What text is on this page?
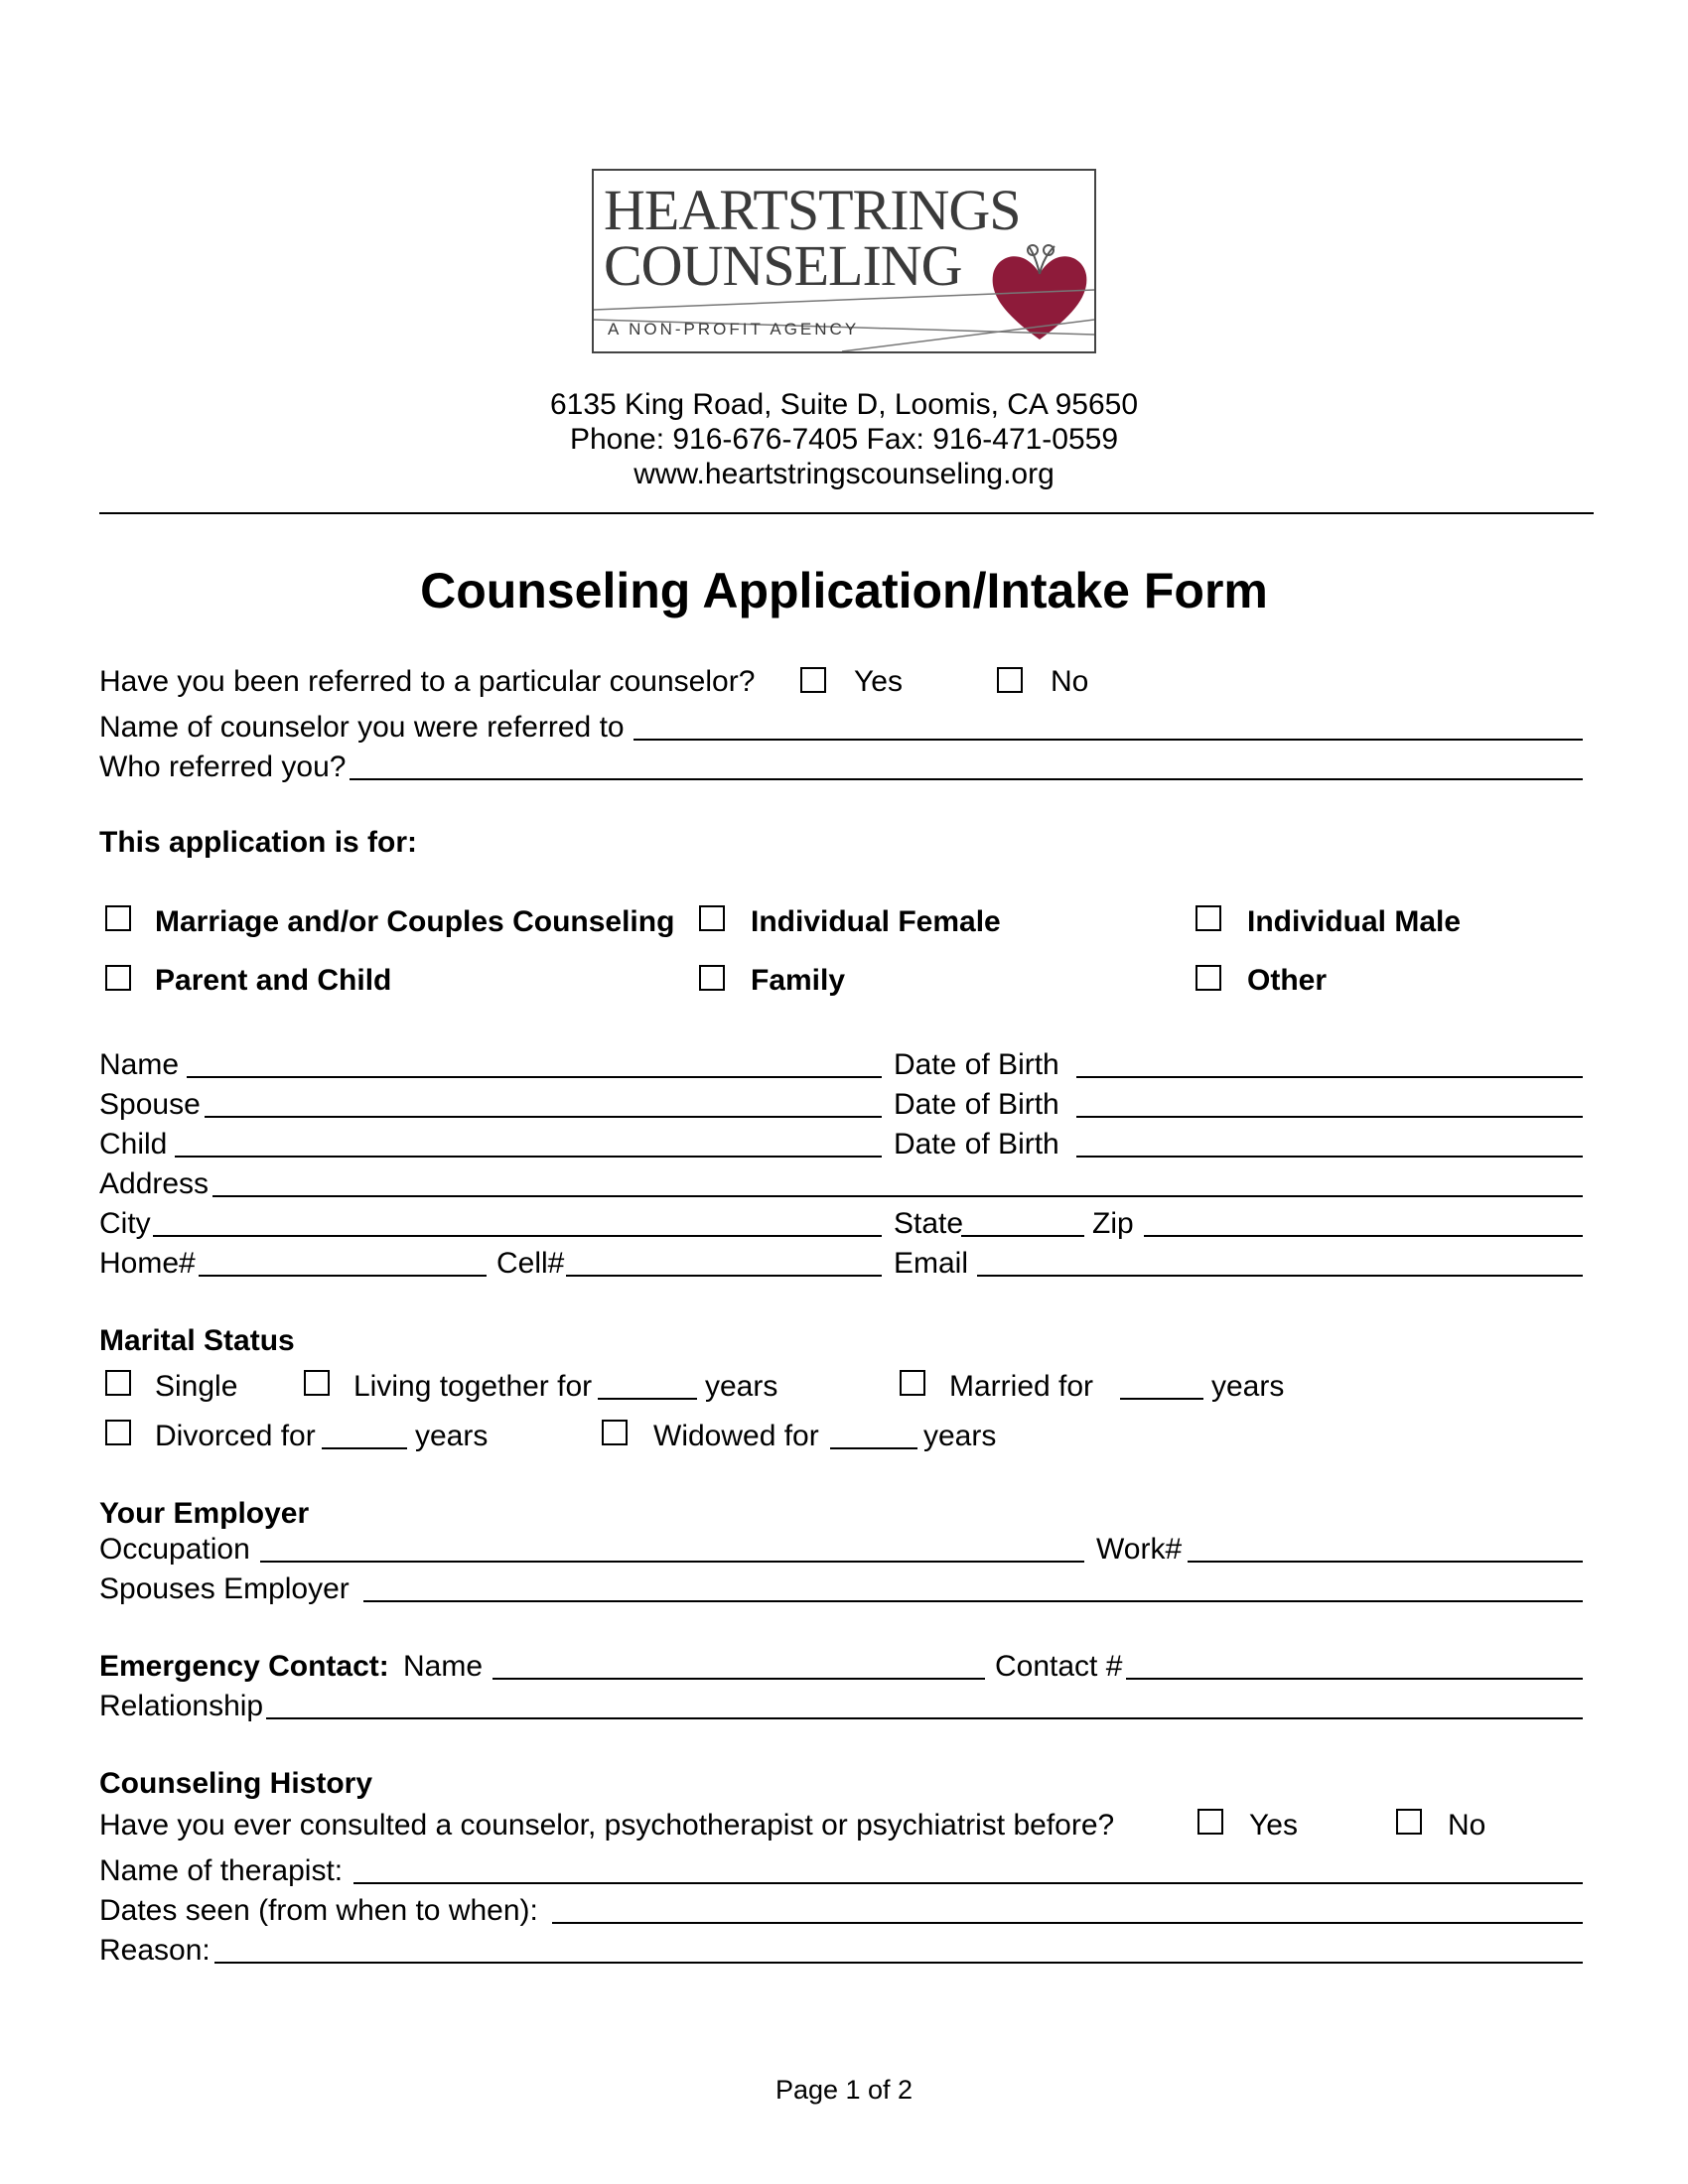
HEARTSTRINGS
COUNSELING
A NON-PROFIT AGENCY
6135 King Road, Suite D, Loomis, CA 95650
Phone: 916-676-7405 Fax: 916-471-0559
www.heartstringscounseling.org
Counseling Application/Intake Form
Have you been referred to a particular counselor?	Yes	No
Name of counselor you were referred to
Who referred you?
This application is for:
Marriage and/or Couples Counseling	Individual Female	Individual Male
Parent and Child	Family	Other
Name	Date of Birth
Spouse	Date of Birth
Child	Date of Birth
Address
City	State	Zip
Home#	Cell#	Email
Marital Status
Single	Living together for	years	Married for	years
Divorced for	years	Widowed for	years
Your Employer
Occupation	Work#
Spouses Employer
Emergency Contact: Name	Contact #
Relationship
Counseling History
Have you ever consulted a counselor, psychotherapist or psychiatrist before?	Yes	No
Name of therapist:
Dates seen (from when to when):
Reason:
Page 1 of 2
